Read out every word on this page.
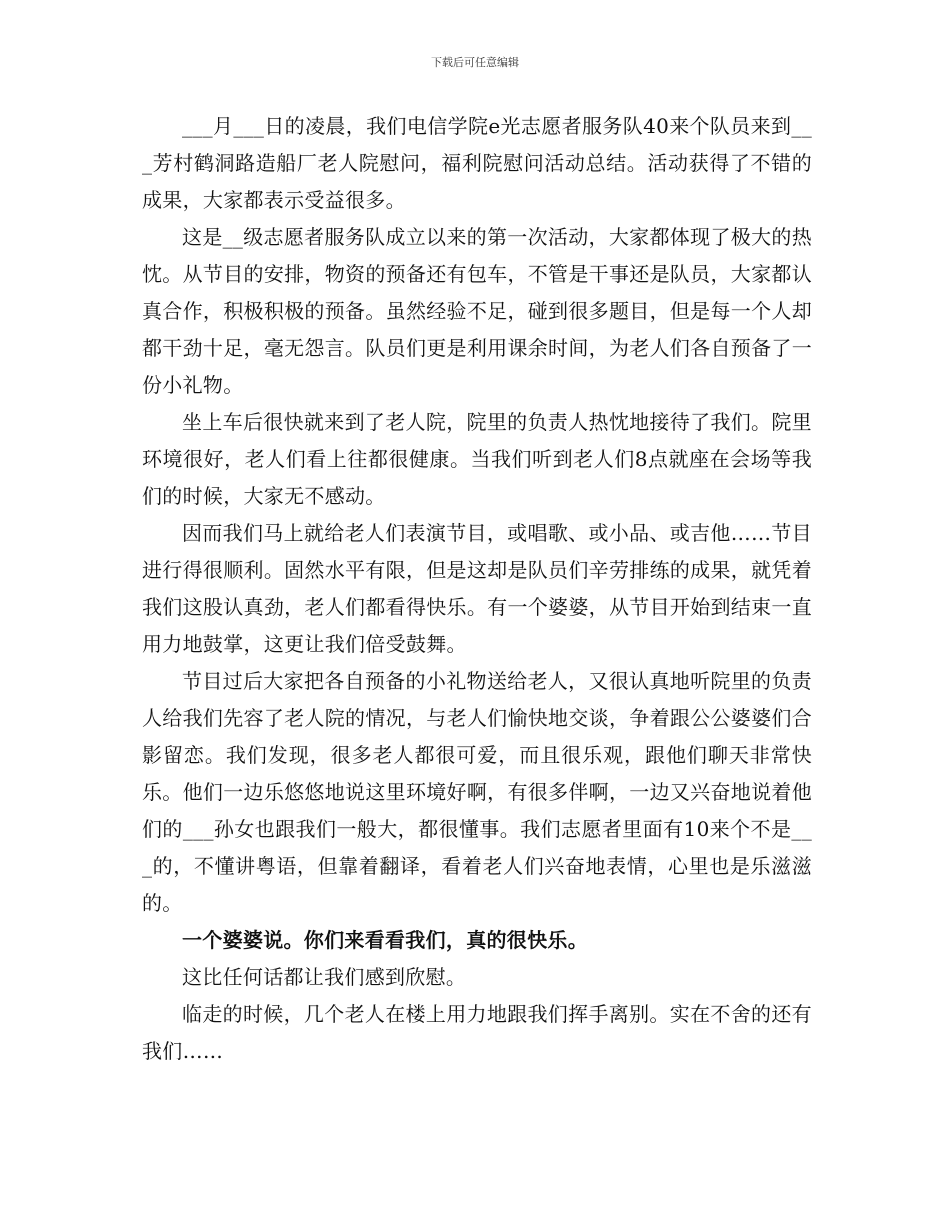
下载后可任意编辑

___月___日的凌晨，我们电信学院e光志愿者服务队40来个队员来到___芳村鹤洞路造船厂老人院慰问，福利院慰问活动总结。活动获得了不错的成果，大家都表示受益很多。

这是__级志愿者服务队成立以来的第一次活动，大家都体现了极大的热忱。从节目的安排，物资的预备还有包车，不管是干事还是队员，大家都认真合作，积极积极的预备。虽然经验不足，碰到很多题目，但是每一个人却都干劲十足，毫无怨言。队员们更是利用课余时间，为老人们各自预备了一份小礼物。

坐上车后很快就来到了老人院，院里的负责人热忱地接待了我们。院里环境很好，老人们看上往都很健康。当我们听到老人们8点就座在会场等我们的时候，大家无不感动。

因而我们马上就给老人们表演节目，或唱歌、或小品、或吉他……节目进行得很顺利。固然水平有限，但是这却是队员们辛劳排练的成果，就凭着我们这股认真劲，老人们都看得快乐。有一个婆婆，从节目开始到结束一直用力地鼓掌，这更让我们倍受鼓舞。

节目过后大家把各自预备的小礼物送给老人，又很认真地听院里的负责人给我们先容了老人院的情况，与老人们愉快地交谈，争着跟公公婆婆们合影留恋。我们发现，很多老人都很可爱，而且很乐观，跟他们聊天非常快乐。他们一边乐悠悠地说这里环境好啊，有很多伴啊，一边又兴奋地说着他们的___孙女也跟我们一般大，都很懂事。我们志愿者里面有10来个不是___的，不懂讲粤语，但靠着翻译，看着老人们兴奋地表情，心里也是乐滋滋的。

一个婆婆说。你们来看看我们，真的很快乐。

这比任何话都让我们感到欣慰。

临走的时候，几个老人在楼上用力地跟我们挥手离别。实在不舍的还有我们……
